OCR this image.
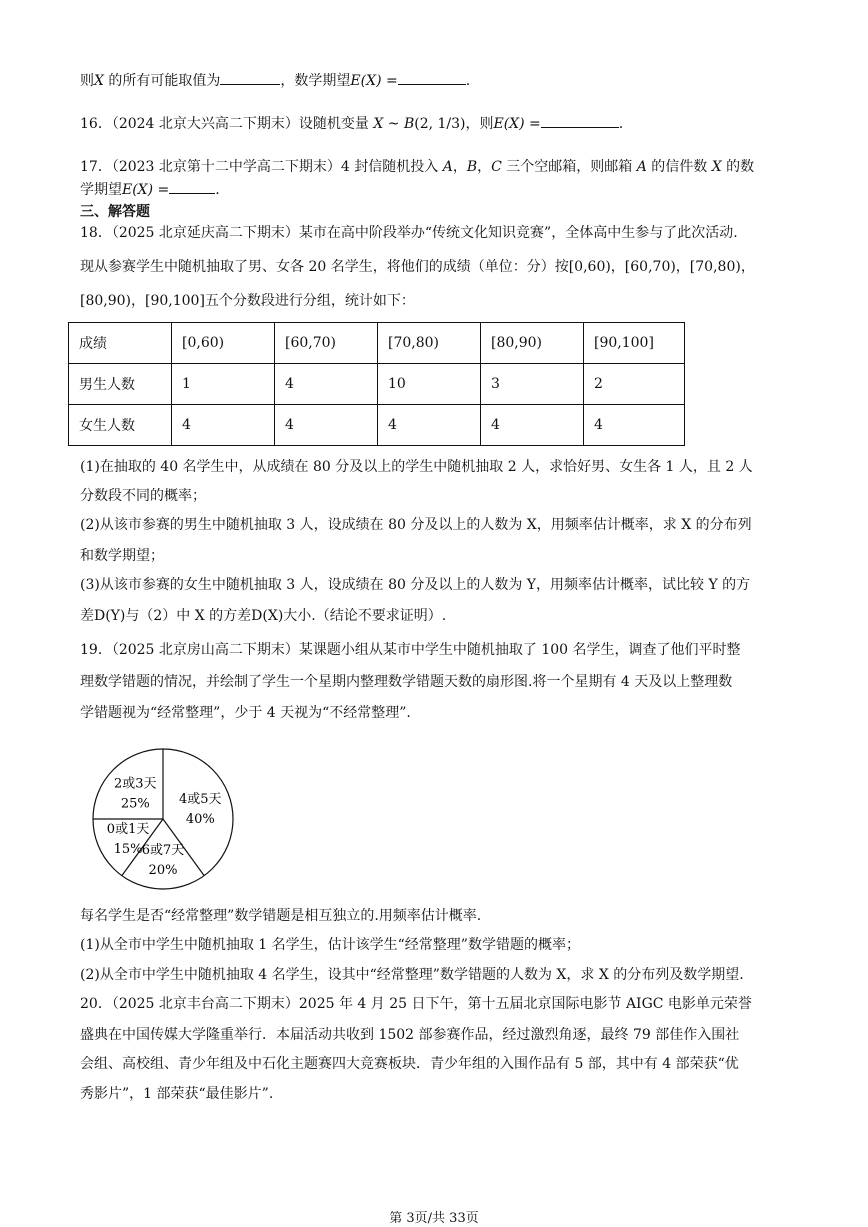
则X 的所有可能取值为	，数学期望E(X) =	.
16．（2024 北京大兴高二下期末）设随机变量 X ~ B(2, 1/3)，则E(X) =	.
17．（2023 北京第十二中学高二下期末）4 封信随机投入 A，B，C 三个空邮箱，则邮箱 A 的信件数 X 的数
学期望E(X) =	.
三、解答题
18．（2025 北京延庆高二下期末）某市在高中阶段举办“传统文化知识竞赛”，全体高中生参与了此次活动.
现从参赛学生中随机抽取了男、女各 20 名学生，将他们的成绩（单位：分）按[0,60)，[60,70)，[70,80)，
[80,90)，[90,100]五个分数段进行分组，统计如下：
成绩	[0,60)	[60,70)	[70,80)	[80,90)	[90,100]
男生人数	1	4	10	3	2
女生人数	4	4	4	4	4
(1)在抽取的 40 名学生中，从成绩在 80 分及以上的学生中随机抽取 2 人，求恰好男、女生各 1 人，且 2 人
分数段不同的概率；
(2)从该市参赛的男生中随机抽取 3 人，设成绩在 80 分及以上的人数为 X，用频率估计概率，求 X 的分布列
和数学期望；
(3)从该市参赛的女生中随机抽取 3 人，设成绩在 80 分及以上的人数为 Y，用频率估计概率，试比较 Y 的方
差D(Y)与（2）中 X 的方差D(X)大小.（结论不要求证明）.
19．（2025 北京房山高二下期末）某课题小组从某市中学生中随机抽取了 100 名学生，调查了他们平时整
理数学错题的情况，并绘制了学生一个星期内整理数学错题天数的扇形图.将一个星期有 4 天及以上整理数
学错题视为“经常整理”，少于 4 天视为“不经常整理”.
4或5天
40%
6或7天
20%
0或1天
15%
2或3天
25%
每名学生是否“经常整理”数学错题是相互独立的.用频率估计概率.
(1)从全市中学生中随机抽取 1 名学生，估计该学生“经常整理”数学错题的概率；
(2)从全市中学生中随机抽取 4 名学生，设其中“经常整理”数学错题的人数为 X，求 X 的分布列及数学期望.
20．（2025 北京丰台高二下期末）2025 年 4 月 25 日下午，第十五届北京国际电影节 AIGC 电影单元荣誉
盛典在中国传媒大学隆重举行．本届活动共收到 1502 部参赛作品，经过激烈角逐，最终 79 部佳作入围社
会组、高校组、青少年组及中石化主题赛四大竞赛板块．青少年组的入围作品有 5 部，其中有 4 部荣获“优
秀影片”，1 部荣获“最佳影片”.
第 3页/共 33页
